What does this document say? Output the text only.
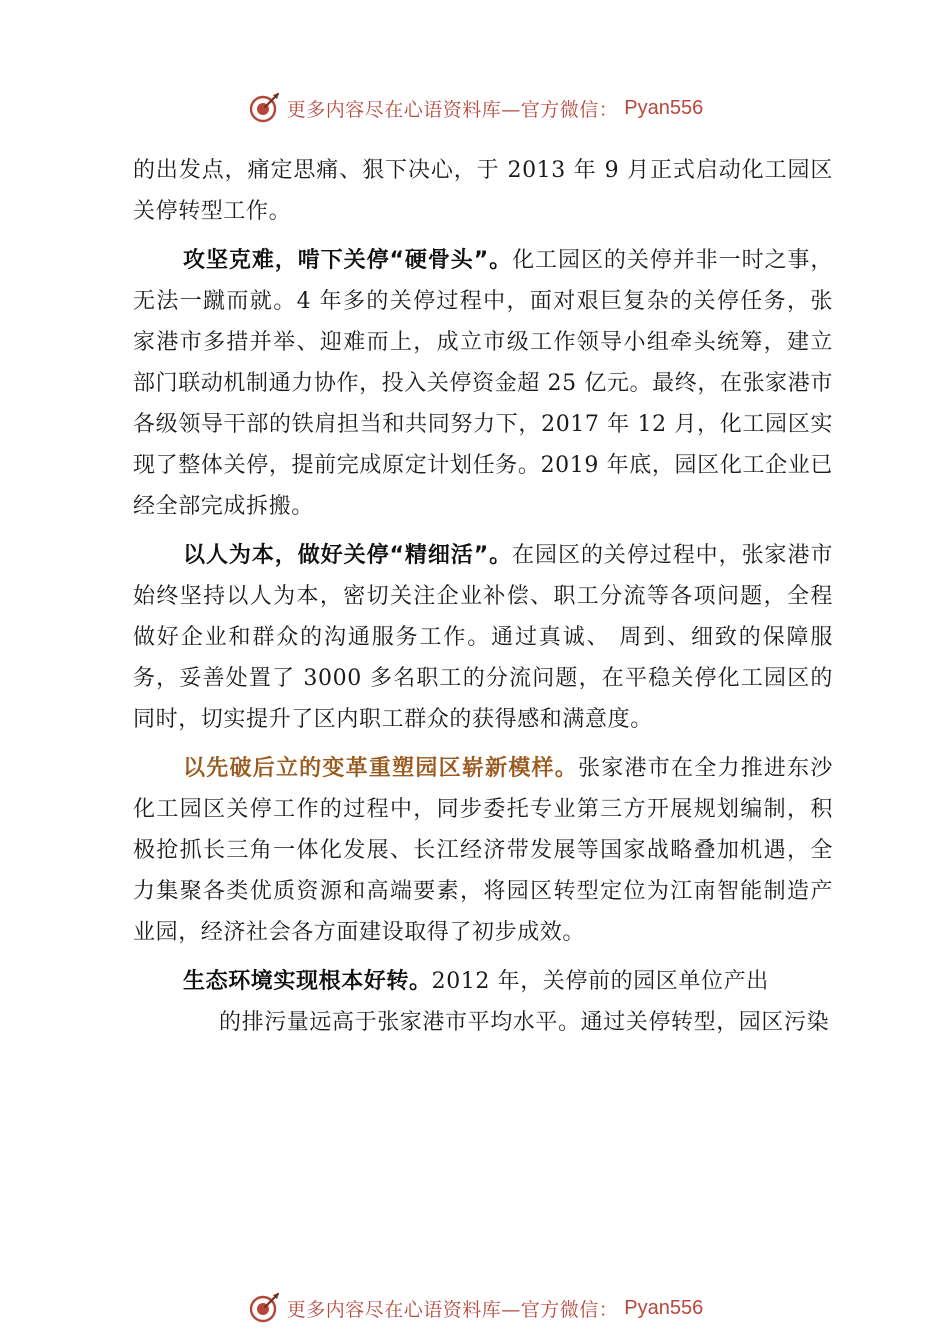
更多内容尽在心语资料库—官方微信： Pyan556

的出发点，痛定思痛、狠下决心，于 2013 年 9 月正式启动化工园区关停转型工作。

攻坚克难，啃下关停“硬骨头”。化工园区的关停并非一时之事，无法一蹴而就。4 年多的关停过程中，面对艰巨复杂的关停任务，张家港市多措并举、迎难而上，成立市级工作领导小组牵头统筹，建立部门联动机制通力协作，投入关停资金超 25 亿元。最终，在张家港市各级领导干部的铁肩担当和共同努力下，2017 年 12 月，化工园区实现了整体关停，提前完成原定计划任务。2019 年底，园区化工企业已经全部完成拆搬。

以人为本，做好关停“精细活”。在园区的关停过程中，张家港市始终坚持以人为本，密切关注企业补偿、职工分流等各项问题，全程做好企业和群众的沟通服务工作。通过真诚、 周到、细致的保障服务，妥善处置了 3000 多名职工的分流问题，在平稳关停化工园区的同时，切实提升了区内职工群众的获得感和满意度。

以先破后立的变革重塑园区崭新模样。张家港市在全力推进东沙化工园区关停工作的过程中，同步委托专业第三方开展规划编制，积极抢抓长三角一体化发展、长江经济带发展等国家战略叠加机遇，全力集聚各类优质资源和高端要素，将园区转型定位为江南智能制造产业园，经济社会各方面建设取得了初步成效。

生态环境实现根本好转。2012 年，关停前的园区单位产出
的排污量远高于张家港市平均水平。通过关停转型，园区污染

更多内容尽在心语资料库—官方微信： Pyan556
